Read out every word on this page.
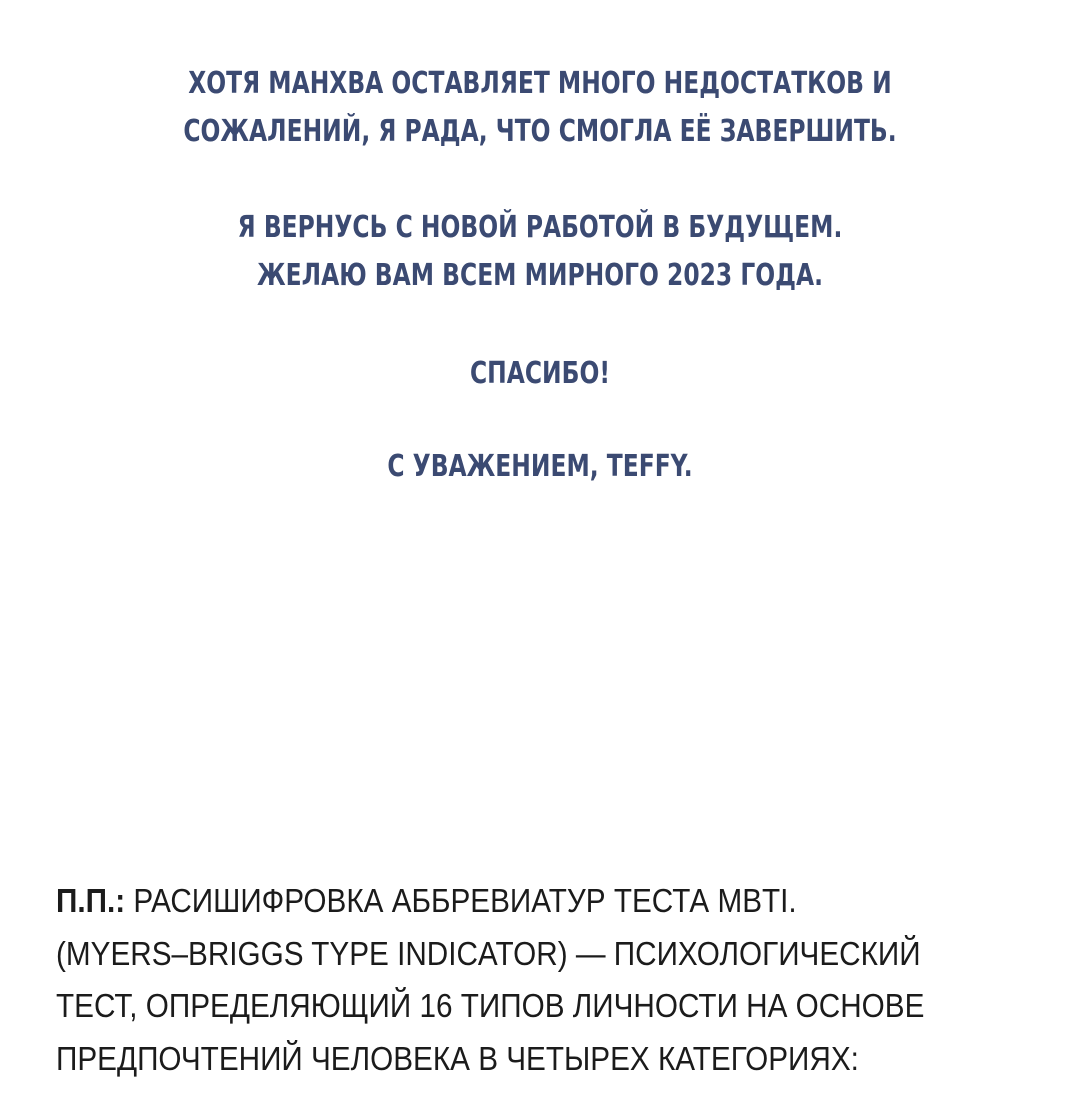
ХОТЯ МАНХВА ОСТАВЛЯЕТ МНОГО НЕДОСТАТКОВ И
СОЖАЛЕНИЙ, Я РАДА, ЧТО СМОГЛА ЕЁ ЗАВЕРШИТЬ.
Я ВЕРНУСЬ С НОВОЙ РАБОТОЙ В БУДУЩЕМ.
ЖЕЛАЮ ВАМ ВСЕМ МИРНОГО 2023 ГОДА.
СПАСИБО!
С УВАЖЕНИЕМ, TEFFY.
П.П.: РАСИШИФРОВКА АББРЕВИАТУР ТЕСТА MBTI.
(MYERS–BRIGGS TYPE INDICATOR) — ПСИХОЛОГИЧЕСКИЙ
ТЕСТ, ОПРЕДЕЛЯЮЩИЙ 16 ТИПОВ ЛИЧНОСТИ НА ОСНОВЕ
ПРЕДПОЧТЕНИЙ ЧЕЛОВЕКА В ЧЕТЫРЕХ КАТЕГОРИЯХ:
